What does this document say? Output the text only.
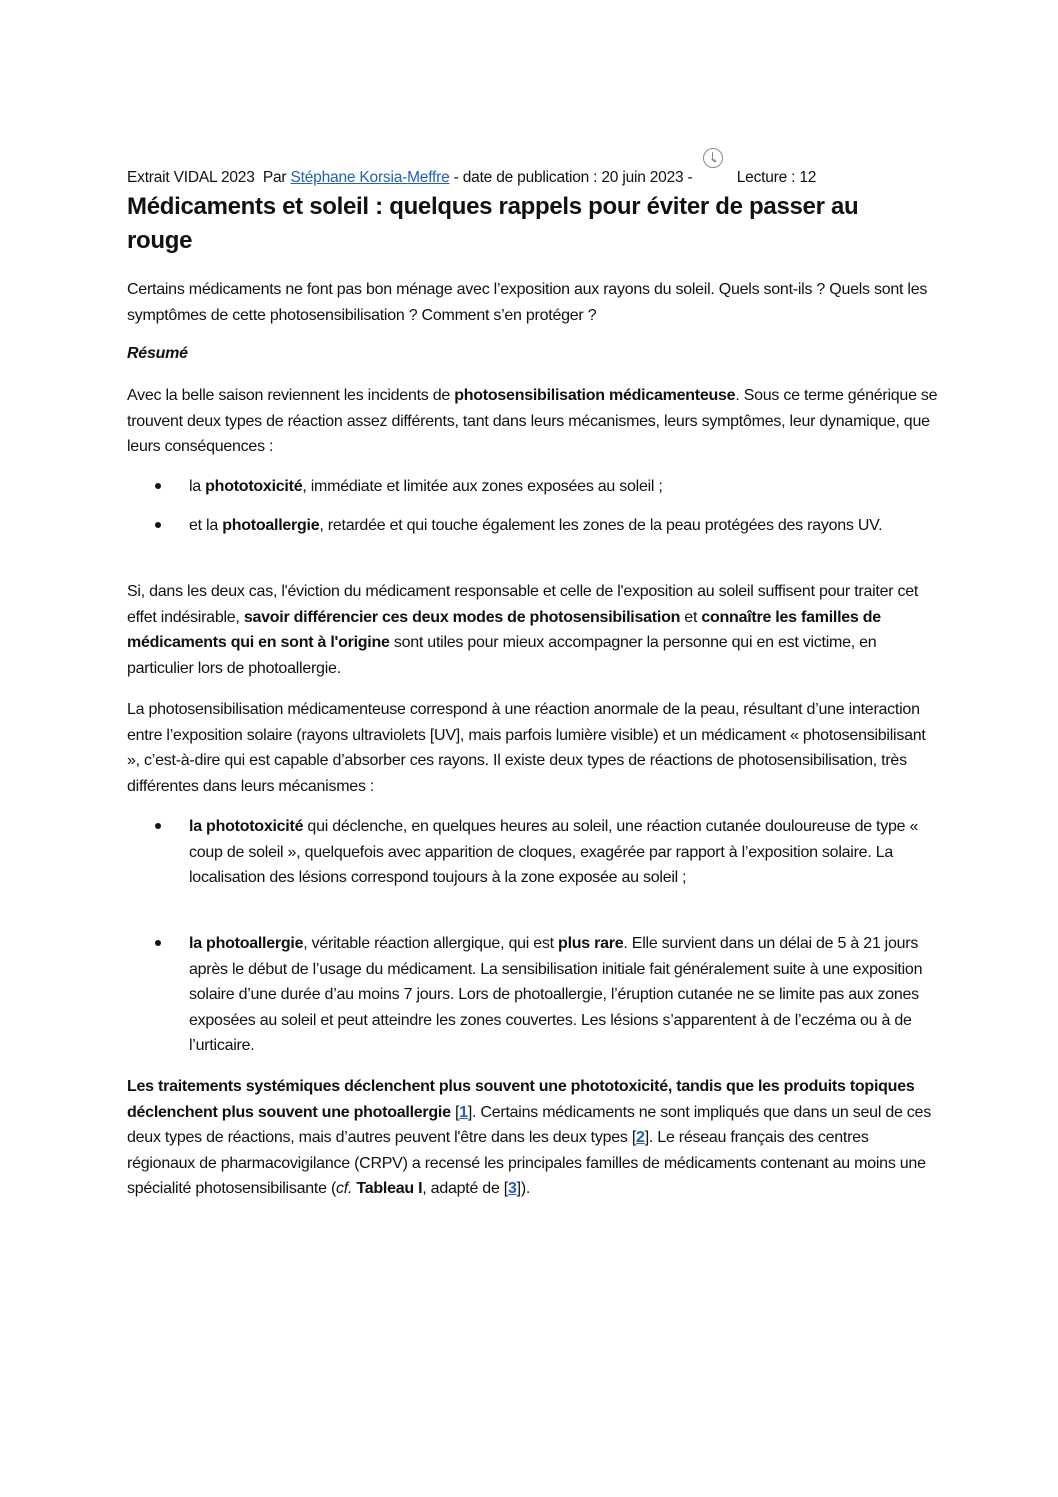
Extrait VIDAL 2023 Par Stéphane Korsia-Meffre - date de publication : 20 juin 2023 -	Lecture : 12
Médicaments et soleil : quelques rappels pour éviter de passer au rouge

Certains médicaments ne font pas bon ménage avec l’exposition aux rayons du soleil. Quels sont-ils ? Quels sont les symptômes de cette photosensibilisation ? Comment s’en protéger ?

Résumé

Avec la belle saison reviennent les incidents de photosensibilisation médicamenteuse. Sous ce terme générique se trouvent deux types de réaction assez différents, tant dans leurs mécanismes, leurs symptômes, leur dynamique, que leurs conséquences :

la phototoxicité, immédiate et limitée aux zones exposées au soleil ;
et la photoallergie, retardée et qui touche également les zones de la peau protégées des rayons UV.

Si, dans les deux cas, l'éviction du médicament responsable et celle de l'exposition au soleil suffisent pour traiter cet effet indésirable, savoir différencier ces deux modes de photosensibilisation et connaître les familles de médicaments qui en sont à l'origine sont utiles pour mieux accompagner la personne qui en est victime, en particulier lors de photoallergie.

La photosensibilisation médicamenteuse correspond à une réaction anormale de la peau, résultant d’une interaction entre l’exposition solaire (rayons ultraviolets [UV], mais parfois lumière visible) et un médicament « photosensibilisant », c’est-à-dire qui est capable d’absorber ces rayons. Il existe deux types de réactions de photosensibilisation, très différentes dans leurs mécanismes :

la phototoxicité qui déclenche, en quelques heures au soleil, une réaction cutanée douloureuse de type « coup de soleil », quelquefois avec apparition de cloques, exagérée par rapport à l’exposition solaire. La localisation des lésions correspond toujours à la zone exposée au soleil ;
la photoallergie, véritable réaction allergique, qui est plus rare. Elle survient dans un délai de 5 à 21 jours après le début de l’usage du médicament. La sensibilisation initiale fait généralement suite à une exposition solaire d’une durée d’au moins 7 jours. Lors de photoallergie, l’éruption cutanée ne se limite pas aux zones exposées au soleil et peut atteindre les zones couvertes. Les lésions s’apparentent à de l’eczéma ou à de l’urticaire.

Les traitements systémiques déclenchent plus souvent une phototoxicité, tandis que les produits topiques déclenchent plus souvent une photoallergie [1]. Certains médicaments ne sont impliqués que dans un seul de ces deux types de réactions, mais d’autres peuvent l'être dans les deux types [2]. Le réseau français des centres régionaux de pharmacovigilance (CRPV) a recensé les principales familles de médicaments contenant au moins une spécialité photosensibilisante (cf. Tableau I, adapté de [3]).
